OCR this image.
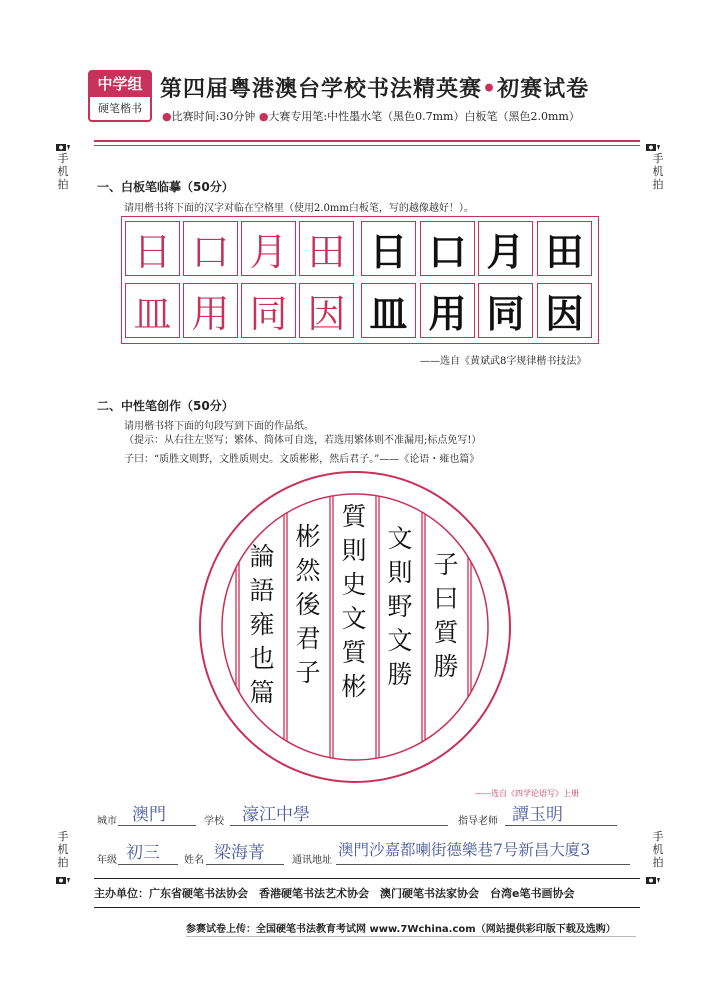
中学组
硬笔楷书
第四届粤港澳台学校书法精英赛•初赛试卷
●比赛时间:30分钟 ●大赛专用笔:中性墨水笔（黑色0.7mm）白板笔（黑色2.0mm）
手机拍
手机拍
手机拍
手机拍
一、白板笔临摹（50分）
请用楷书将下面的汉字对临在空格里（使用2.0mm白板笔，写的越像越好！）。
日 口 月 田 日 口 月 田
皿 用 同 因 皿 用 同 因
——选自《黄斌武8字规律楷书技法》
二、中性笔创作（50分）
请用楷书将下面的句段写到下面的作品纸。
（提示：从右往左竖写；繁体、简体可自选，若选用繁体则不准漏用;标点免写!）
子曰：“质胜文则野，文胜质则史。文质彬彬，然后君子。”——《论语・雍也篇》
子曰質勝
文則野文勝
質則史文質彬
彬然後君子
論語雍也篇
——选自《四学论语写》上册
城市 澳門	学校 濠江中學	指导老师 譚玉明
年级 初三 姓名 梁海菁	通讯地址
澳門沙嘉都喇街德樂巷7号新昌大廈3
主办单位：广东省硬笔书法协会　香港硬笔书法艺术协会　澳门硬笔书法家协会　台湾e笔书画协会
参赛试卷上传：全国硬笔书法教育考试网 www.7Wchina.com（网站提供彩印版下载及选购）
